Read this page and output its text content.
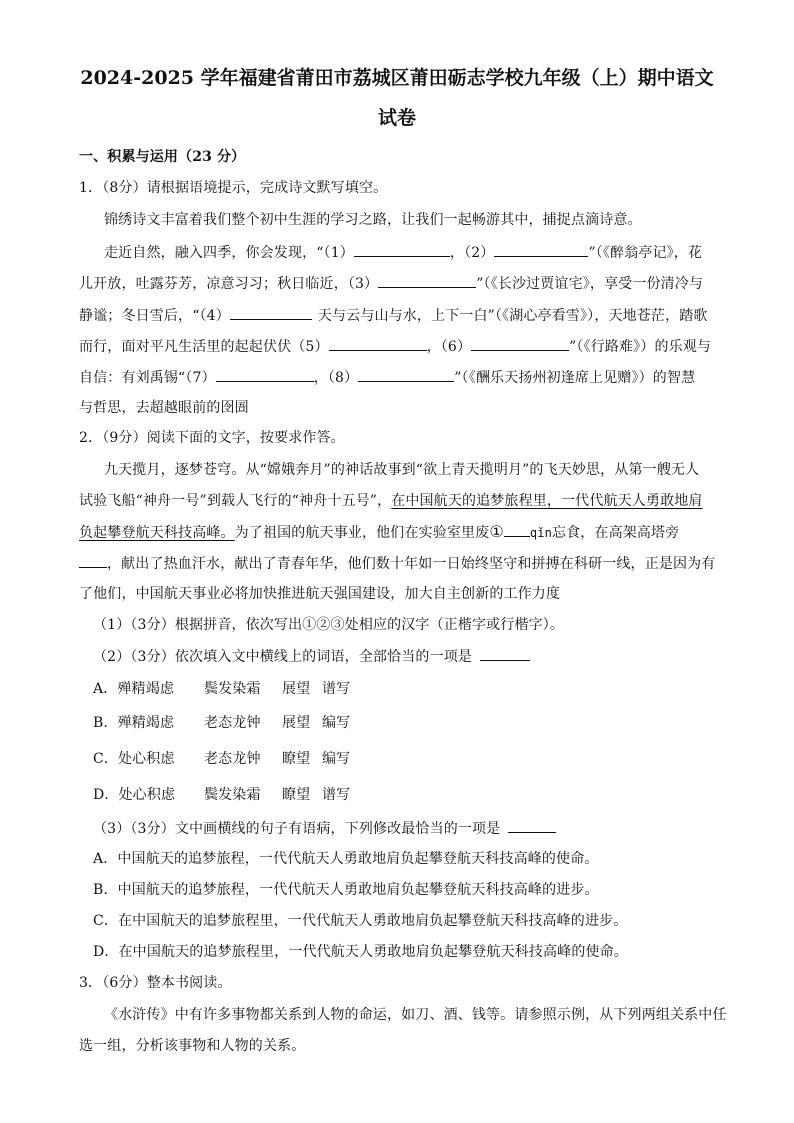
2024-2025 学年福建省莆田市荔城区莆田砺志学校九年级（上）期中语文
试卷
一、积累与运用（23 分）
1．（8分）请根据语境提示，完成诗文默写填空。
锦绣诗文丰富着我们整个初中生涯的学习之路，让我们一起畅游其中，捕捉点滴诗意。
走近自然，融入四季，你会发现，“（1）	，（2）	”（《醉翁亭记》，花
儿开放，吐露芬芳，凉意习习；秋日临近，（3）	”（《长沙过贾谊宅》，享受一份清冷与
静谧；冬日雪后，“（4）	天与云与山与水，上下一白”（《湖心亭看雪》），天地苍茫，踏歌
而行，面对平凡生活里的起起伏伏（5）	，（6）	”（《行路难》）的乐观与
自信：有刘禹锡“（7）	，（8）	”（《酬乐天扬州初逢席上见赠》）的智慧
与哲思，去超越眼前的囹圄
2．（9分）阅读下面的文字，按要求作答。
九天揽月，逐梦苍穹。从“嫦娥奔月”的神话故事到“欲上青天揽明月”的飞天妙思，从第一艘无人
试验飞船“神舟一号”到载人飞行的“神舟十五号”，在中国航天的追梦旅程里，一代代航天人勇敢地肩
负起攀登航天科技高峰。为了祖国的航天事业，他们在实验室里废① qǐn忘食，在高架高塔旁
，献出了热血汗水，献出了青春年华，他们数十年如一日始终坚守和拼搏在科研一线，正是因为有
了他们，中国航天事业必将加快推进航天强国建设，加大自主创新的工作力度
（1）（3分）根据拼音，依次写出①②③处相应的汉字（正楷字或行楷字）。
（2）（3分）依次填入文中横线上的词语，全部恰当的一项是
A．殚精竭虑 鬓发染霜 展望 谱写
B．殚精竭虑 老态龙钟 展望 编写
C．处心积虑 老态龙钟 瞭望 编写
D．处心积虑 鬓发染霜 瞭望 谱写
（3）（3分）文中画横线的句子有语病，下列修改最恰当的一项是
A．中国航天的追梦旅程，一代代航天人勇敢地肩负起攀登航天科技高峰的使命。
B．中国航天的追梦旅程，一代代航天人勇敢地肩负起攀登航天科技高峰的进步。
C．在中国航天的追梦旅程里，一代代航天人勇敢地肩负起攀登航天科技高峰的进步。
D．在中国航天的追梦旅程里，一代代航天人勇敢地肩负起攀登航天科技高峰的使命。
3．（6分）整本书阅读。
《水浒传》中有许多事物都关系到人物的命运，如刀、酒、钱等。请参照示例，从下列两组关系中任
选一组，分析该事物和人物的关系。
